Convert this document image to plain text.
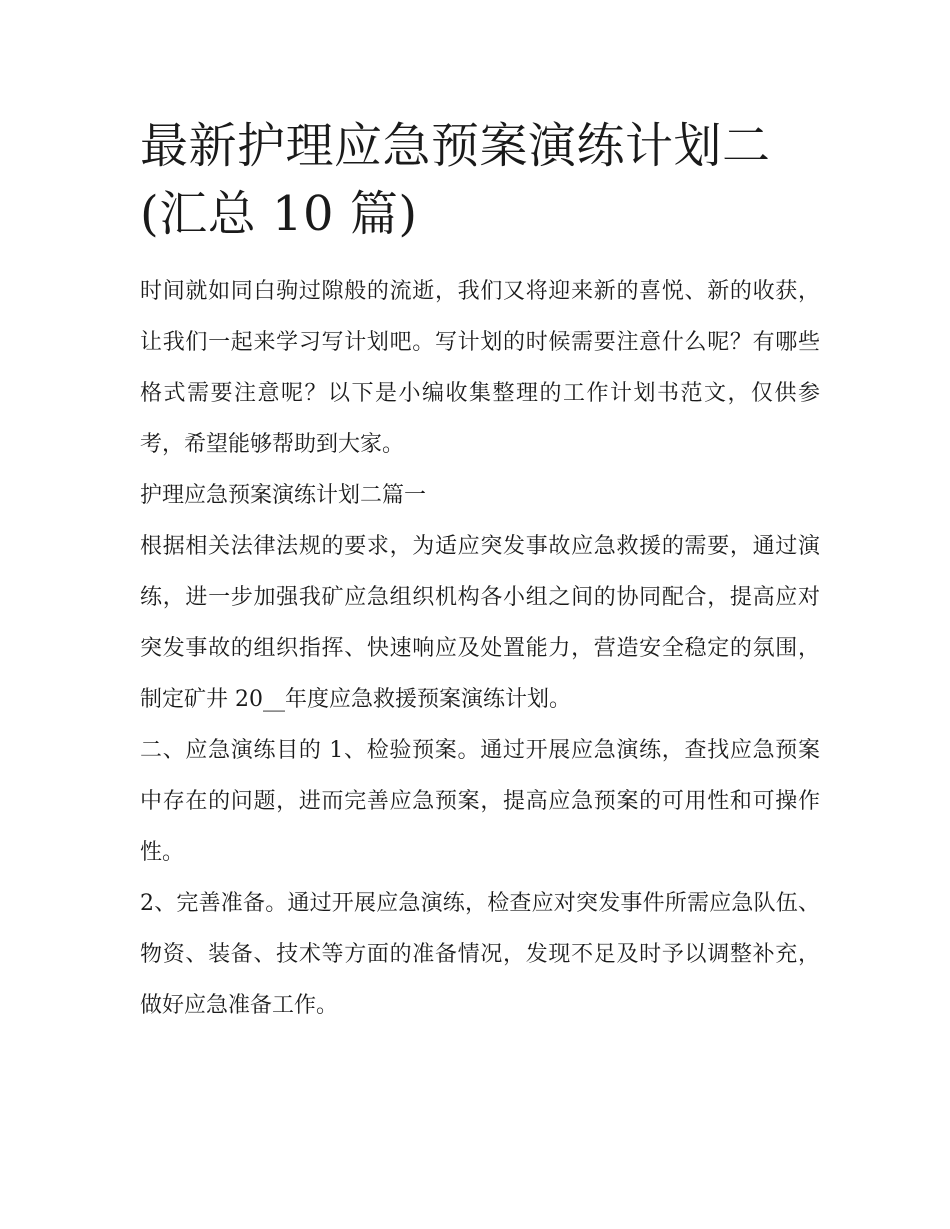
最新护理应急预案演练计划二
(汇总 10 篇)

时间就如同白驹过隙般的流逝，我们又将迎来新的喜悦、新的收获，让我们一起来学习写计划吧。写计划的时候需要注意什么呢？有哪些格式需要注意呢？以下是小编收集整理的工作计划书范文，仅供参考，希望能够帮助到大家。

护理应急预案演练计划二篇一

根据相关法律法规的要求，为适应突发事故应急救援的需要，通过演练，进一步加强我矿应急组织机构各小组之间的协同配合，提高应对突发事故的组织指挥、快速响应及处置能力，营造安全稳定的氛围，制定矿井 20__年度应急救援预案演练计划。

二、应急演练目的 1、检验预案。通过开展应急演练，查找应急预案中存在的问题，进而完善应急预案，提高应急预案的可用性和可操作性。

2、完善准备。通过开展应急演练，检查应对突发事件所需应急队伍、物资、装备、技术等方面的准备情况，发现不足及时予以调整补充，做好应急准备工作。
